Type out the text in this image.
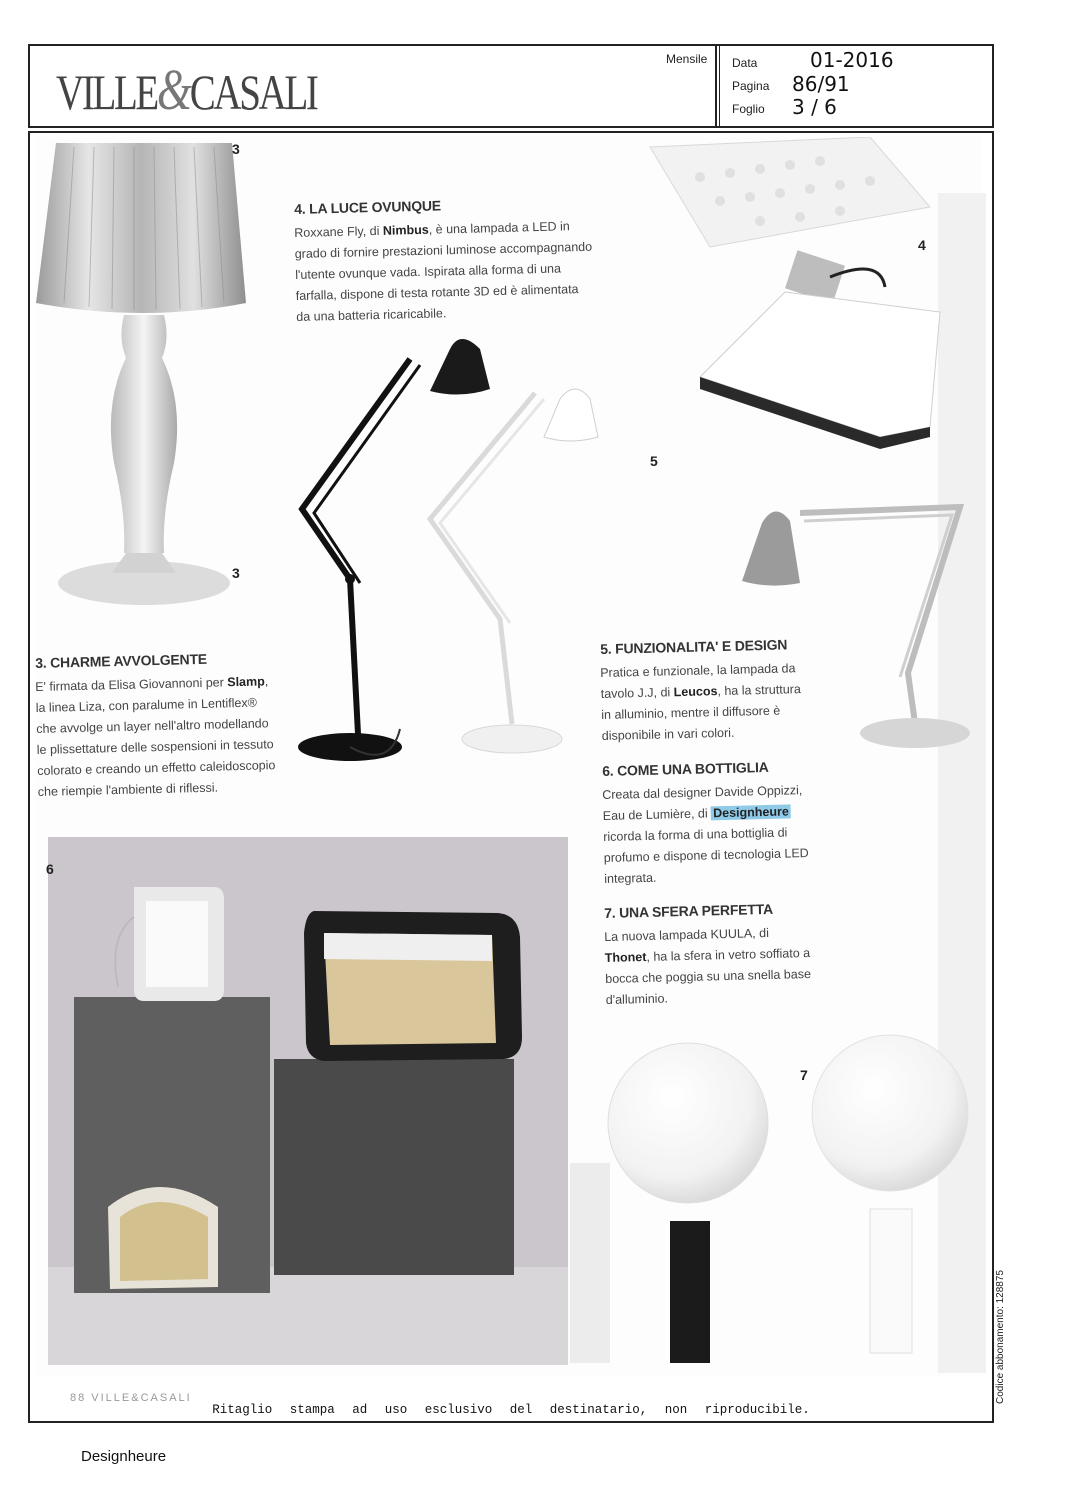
VILLE&CASALI
Mensile Data	01-2016
Pagina 86/91
Foglio 3 / 6
3
3
4. LA LUCE OVUNQUE
Roxxane Fly, di Nimbus, è una lampada a LED in grado di fornire prestazioni luminose accompagnando l'utente ovunque vada. Ispirata alla forma di una farfalla, dispone di testa rotante 3D ed è alimentata da una batteria ricaricabile.
4
5
3. CHARME AVVOLGENTE
E' firmata da Elisa Giovannoni per Slamp, la linea Liza, con paralume in Lentiflex® che avvolge un layer nell'altro modellando le plissettature delle sospensioni in tessuto colorato e creando un effetto caleidoscopio che riempie l'ambiente di riflessi.
5. FUNZIONALITA' E DESIGN
Pratica e funzionale, la lampada da tavolo J.J, di Leucos, ha la struttura in alluminio, mentre il diffusore è disponibile in vari colori.
6. COME UNA BOTTIGLIA
Creata dal designer Davide Oppizzi, Eau de Lumière, di Designheure ricorda la forma di una bottiglia di profumo e dispone di tecnologia LED integrata.
7. UNA SFERA PERFETTA
La nuova lampada KUULA, di Thonet, ha la sfera in vetro soffiato a bocca che poggia su una snella base d'alluminio.
6
7
88 VILLE&CASALI
Ritaglio stampa ad uso esclusivo del destinatario, non riproducibile.
Codice abbonamento: 128875
Designheure
